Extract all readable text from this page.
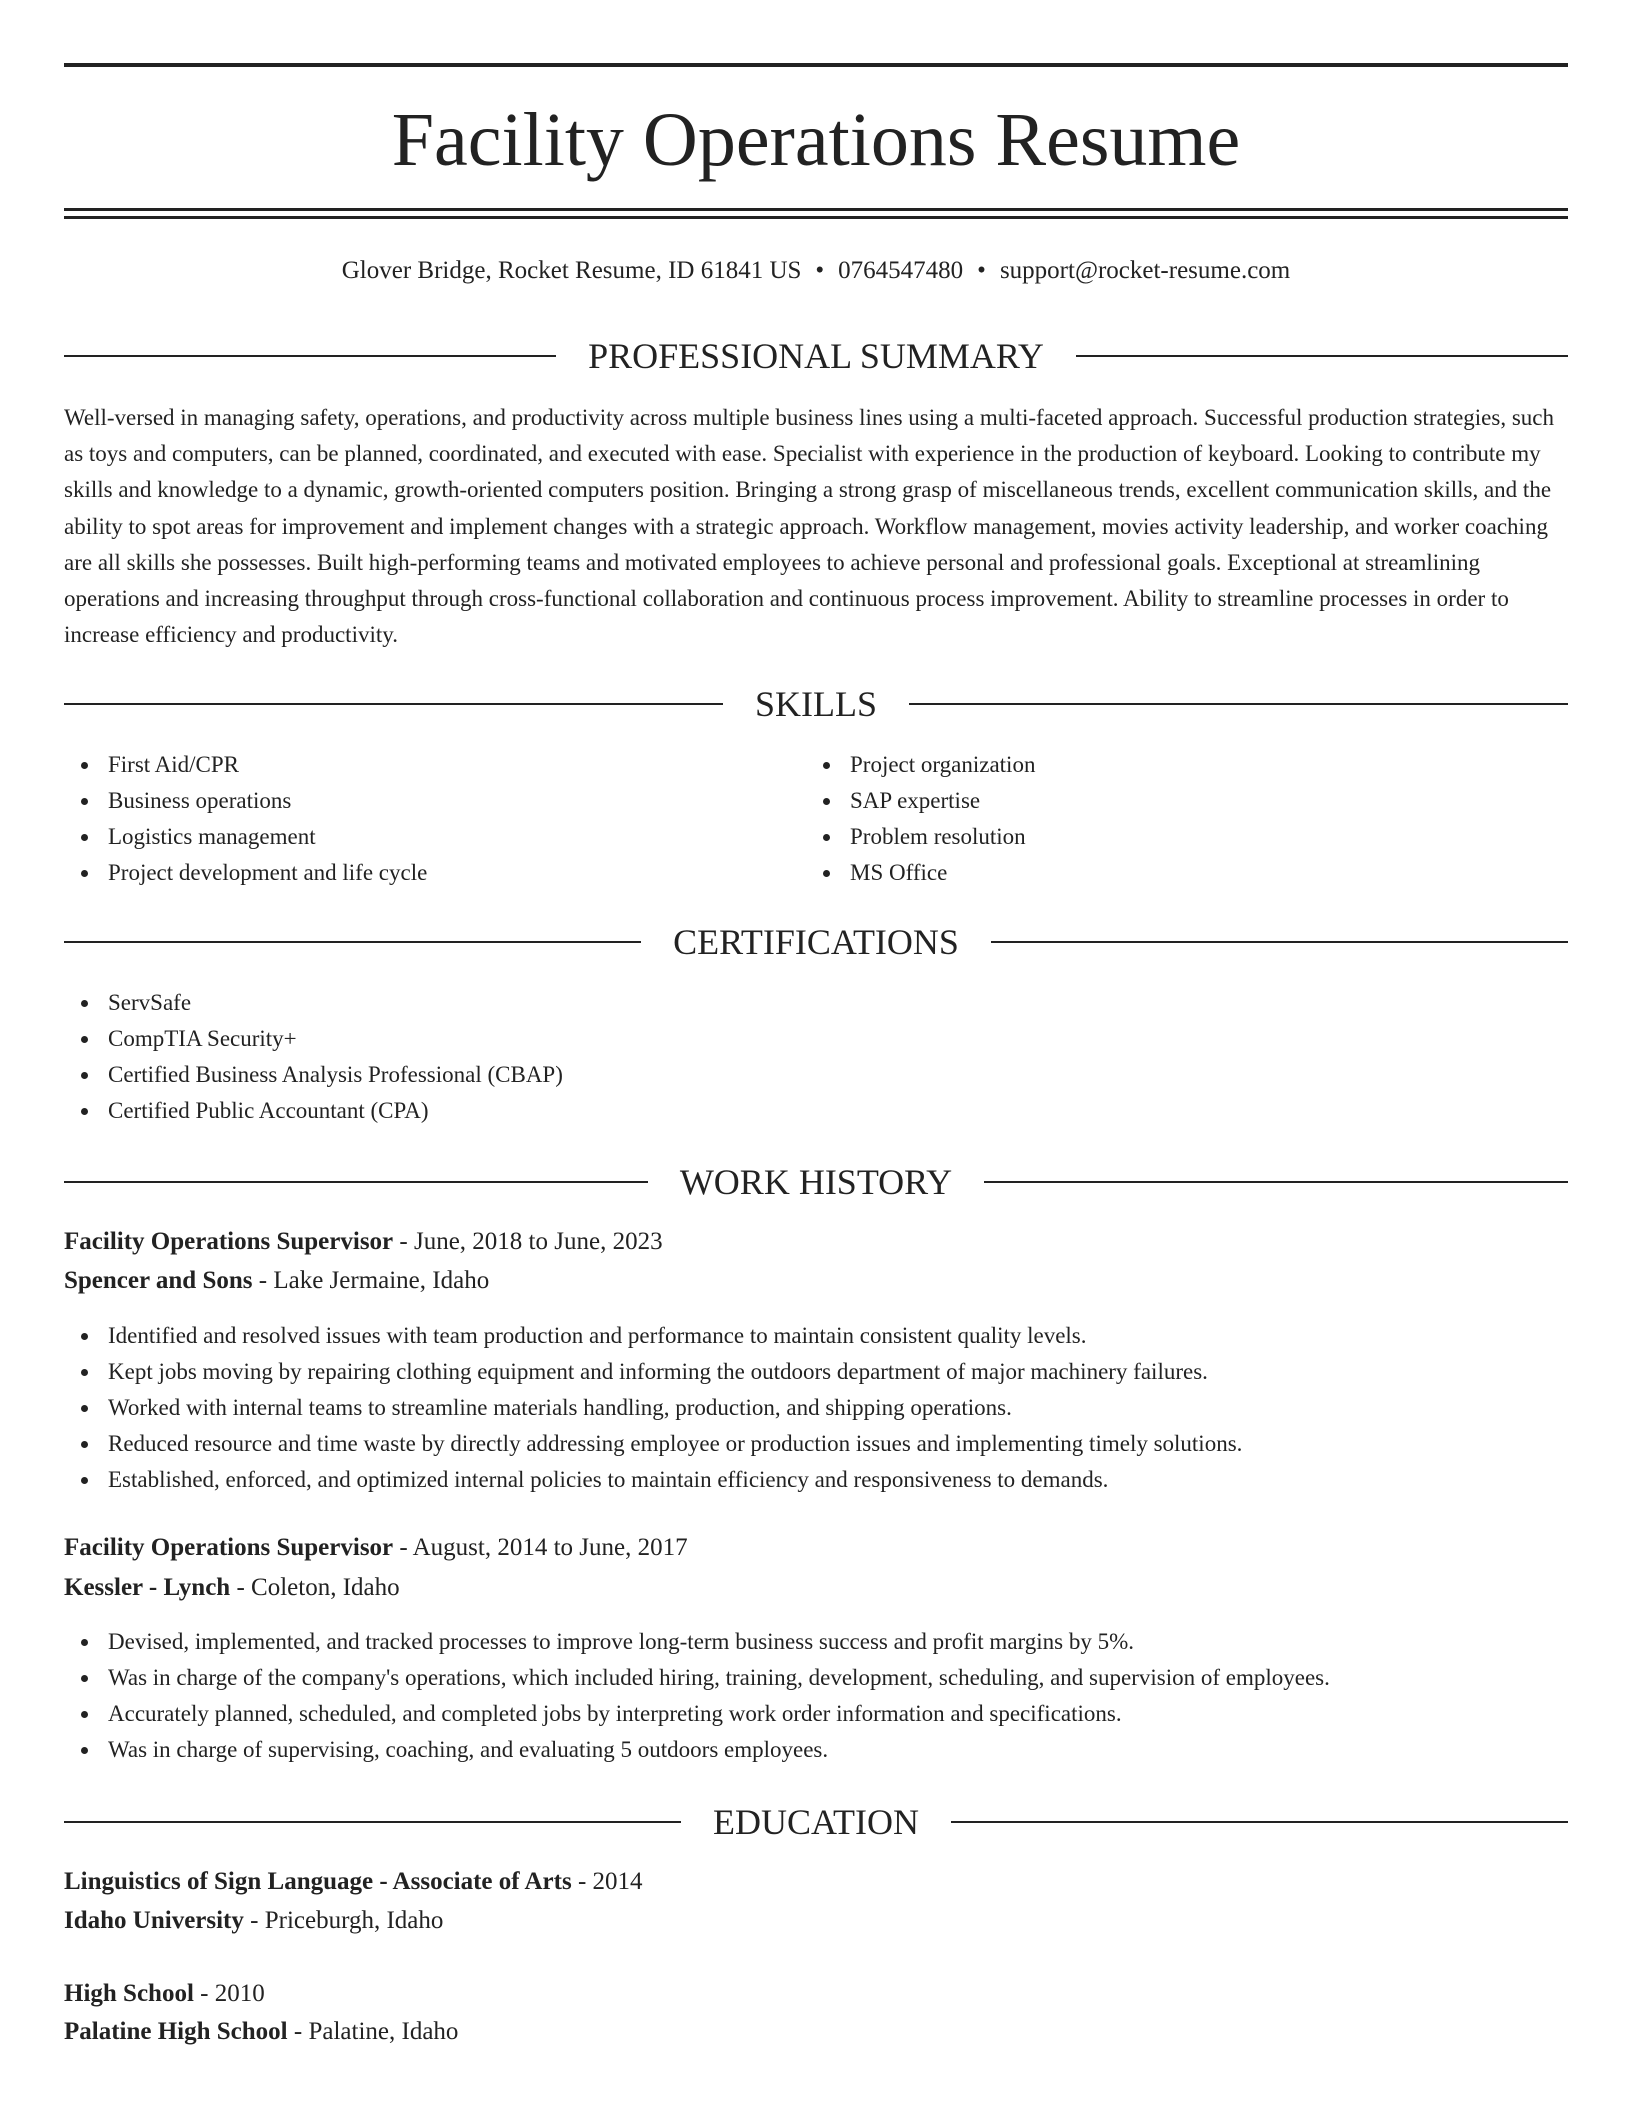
Facility Operations Resume
Glover Bridge, Rocket Resume, ID 61841 US • 0764547480 • support@rocket-resume.com
PROFESSIONAL SUMMARY

Well-versed in managing safety, operations, and productivity across multiple business lines using a multi-faceted approach. Successful production strategies, such as toys and computers, can be planned, coordinated, and executed with ease. Specialist with experience in the production of keyboard. Looking to contribute my skills and knowledge to a dynamic, growth-oriented computers position. Bringing a strong grasp of miscellaneous trends, excellent communication skills, and the ability to spot areas for improvement and implement changes with a strategic approach. Workflow management, movies activity leadership, and worker coaching are all skills she possesses. Built high-performing teams and motivated employees to achieve personal and professional goals. Exceptional at streamlining operations and increasing throughput through cross-functional collaboration and continuous process improvement. Ability to streamline processes in order to increase efficiency and productivity.

SKILLS
First Aid/CPR
Business operations
Logistics management
Project development and life cycle
Project organization
SAP expertise
Problem resolution
MS Office
CERTIFICATIONS
ServSafe
CompTIA Security+
Certified Business Analysis Professional (CBAP)
Certified Public Accountant (CPA)
WORK HISTORY
Facility Operations Supervisor - June, 2018 to June, 2023
Spencer and Sons - Lake Jermaine, Idaho
Identified and resolved issues with team production and performance to maintain consistent quality levels.
Kept jobs moving by repairing clothing equipment and informing the outdoors department of major machinery failures.
Worked with internal teams to streamline materials handling, production, and shipping operations.
Reduced resource and time waste by directly addressing employee or production issues and implementing timely solutions.
Established, enforced, and optimized internal policies to maintain efficiency and responsiveness to demands.
Facility Operations Supervisor - August, 2014 to June, 2017
Kessler - Lynch - Coleton, Idaho
Devised, implemented, and tracked processes to improve long-term business success and profit margins by 5%.
Was in charge of the company's operations, which included hiring, training, development, scheduling, and supervision of employees.
Accurately planned, scheduled, and completed jobs by interpreting work order information and specifications.
Was in charge of supervising, coaching, and evaluating 5 outdoors employees.
EDUCATION
Linguistics of Sign Language - Associate of Arts - 2014
Idaho University - Priceburgh, Idaho
High School - 2010
Palatine High School - Palatine, Idaho
